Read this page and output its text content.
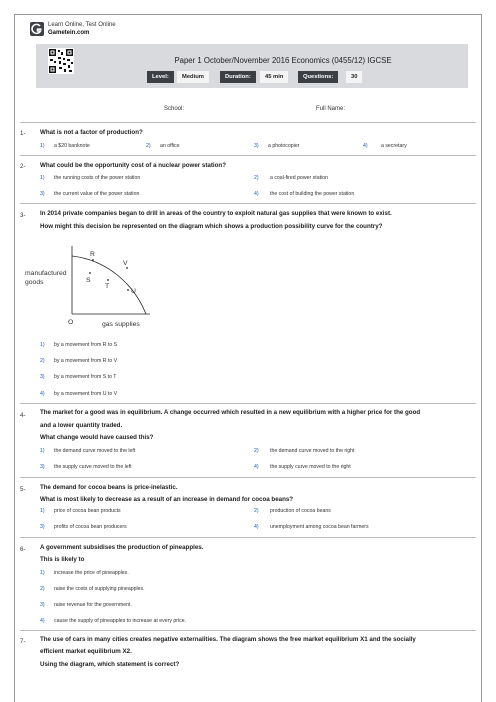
Learn Online, Test Online
Gametein.com
Paper 1 October/November 2016 Economics (0455/12) IGCSE
Level:	Medium	Duration:	45 min	Questions:	30
School:	Full Name:
1- What is not a factor of production?
1) a $20 banknote	2) an office	3) a photocopier	4)	a secretary
2- What could be the opportunity cost of a nuclear power station?
1) the running costs of the power station	2) a coal-fired power station
3) the current value of the power station	4) the cost of building the power station
3- In 2014 private companies began to drill in areas of the country to exploit natural gas supplies that were known to exist.
How might this decision be represented on the diagram which shows a production possibility curve for the country?
manufactured
goods
gas supplies
O
R
V
S
T
U
1) by a movement from R to S
2) by a movement from R to V
3) by a movement from S to T
4) by a movement from U to V
4- The market for a good was in equilibrium. A change occurred which resulted in a new equilibrium with a higher price for the good
and a lower quantity traded.
What change would have caused this?
1) the demand curve moved to the left	2) the demand curve moved to the right
3) the supply curve moved to the left	4) the supply curve moved to the right
5- The demand for cocoa beans is price-inelastic.
What is most likely to decrease as a result of an increase in demand for cocoa beans?
1) price of cocoa bean products	2) production of cocoa beans
3) profits of cocoa bean producers	4) unemployment among cocoa bean farmers
6- A government subsidises the production of pineapples.
This is likely to
1) increase the price of pineapples.
2) raise the costs of supplying pineapples.
3) raise revenue for the government.
4) cause the supply of pineapples to increase at every price.
7- The use of cars in many cities creates negative externalities. The diagram shows the free market equilibrium X1 and the socially
efficient market equilibrium X2.
Using the diagram, which statement is correct?
